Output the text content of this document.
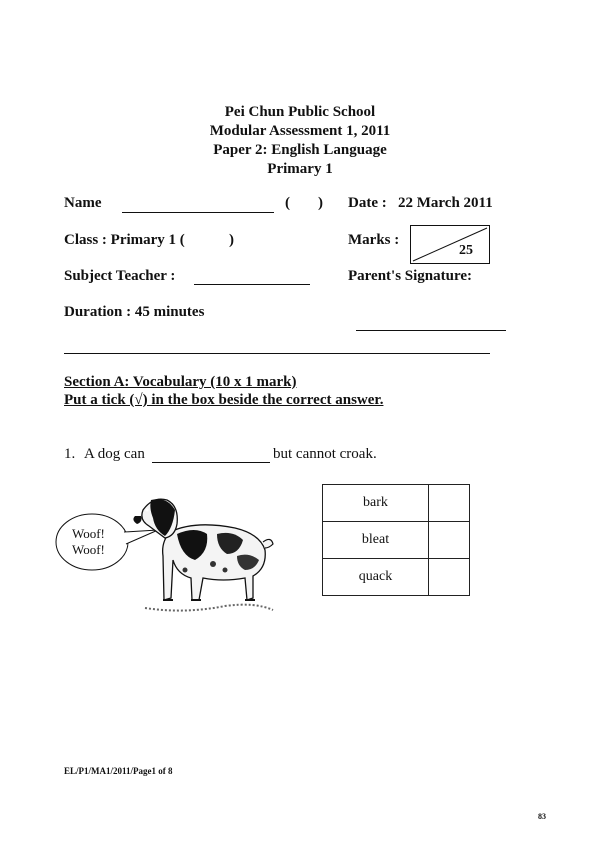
Pei Chun Public School
Modular Assessment 1, 2011
Paper 2: English Language
Primary 1
Name	( ) Date : 22 March 2011
Class : Primary 1 (	)	Marks :
25
Subject Teacher :	Parent's Signature:
Duration : 45 minutes
Section A: Vocabulary (10 x 1 mark)
Put a tick (√) in the box beside the correct answer.
1. A dog can	but cannot croak.
Woof!
Woof!
bark	
bleat	
quack	
EL/P1/MA1/2011/Page1 of 8
83
